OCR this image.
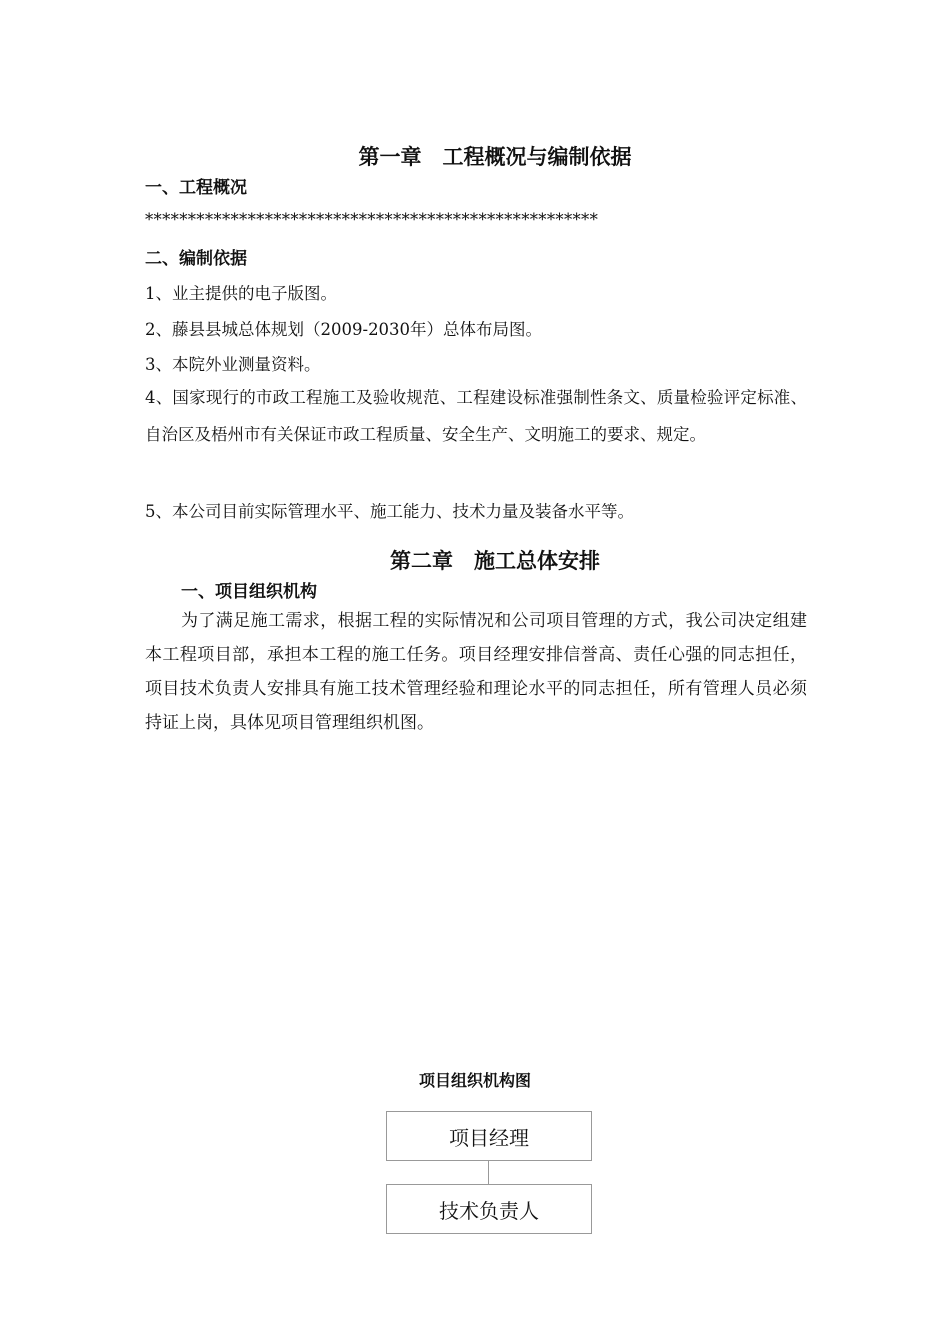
第一章　工程概况与编制依据
一、工程概况
*****************************************************
二、编制依据
1、业主提供的电子版图。
2、藤县县城总体规划（2009-2030年）总体布局图。
3、本院外业测量资料。
4、国家现行的市政工程施工及验收规范、工程建设标准强制性条文、质量检验评定标准、自治区及梧州市有关保证市政工程质量、安全生产、文明施工的要求、规定。
5、本公司目前实际管理水平、施工能力、技术力量及装备水平等。
第二章　施工总体安排
一、项目组织机构
为了满足施工需求，根据工程的实际情况和公司项目管理的方式，我公司决定组建本工程项目部，承担本工程的施工任务。项目经理安排信誉高、责任心强的同志担任，项目技术负责人安排具有施工技术管理经验和理论水平的同志担任，所有管理人员必须持证上岗，具体见项目管理组织机图。
项目组织机构图
项目经理
技术负责人
